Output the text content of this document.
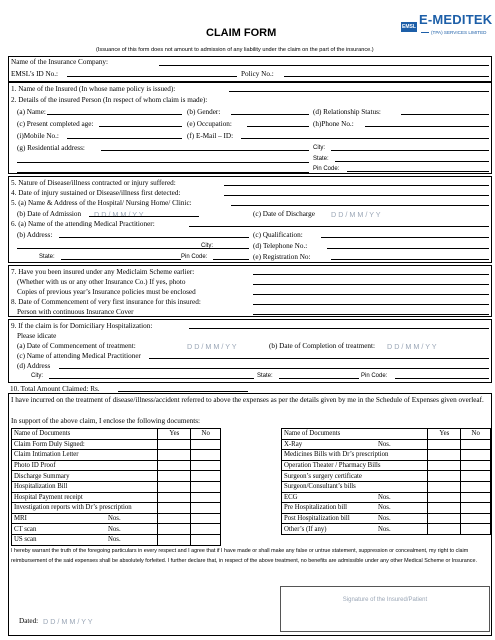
CLAIM FORM
(Issuance of this form does not amount to admission of any liability under the claim on the part of the insurance.)
EMSL E-MEDITEK
(TPA) SERVICES LIMITED
Name of the Insurance Company:
EMSL’s ID No.:	Policy No.:
1. Name of the Insured (In whose name policy is issued):
2. Details of the insured Person (In respect of whom claim is made):
(a) Name:	(b) Gender:	(d) Relationship Status:
(c) Present completed age:	(e) Occupation:	(h)Phone No.:
(i)Mobile No.:	(f) E-Mail – ID:
(g) Residential address:	City:
State:
Pin Code:
5. Nature of Disease/illness contracted or injury suffered:
4. Date of injury sustained or Disease/illness first detected:
5. (a) Name & Address of the Hospital/ Nursing Home/ Clinic:
(b) Date of Admission D D / M M / Y Y	(c) Date of Discharge D D / M M / Y Y
6. (a) Name of the attending Medical Practitioner:
(b) Address:	(c) Qualification:
City:	(d) Telephone No.:
State:	Pin Code:	(e) Registration No:
7. Have you been insured under any Mediclaim Scheme earlier:
(Whether with us or any other Insurance Co.) If yes, photo
Copies of previous year’s Insurance policies must be enclosed
8. Date of Commencement of very first insurance for this insured:
Person with continuous Insurance Cover
9. If the claim is for Domiciliary Hospitalization:
Please idicate
(a) Date of Commencement of treatment:	D D / M M / Y Y	(b) Date of Completion of treatment: D D / M M / Y Y
(c) Name of attending Medical Practitioner
(d) Address
City:	State:	Pin Code:
10. Total Amount Claimed: Rs.
I have incurred on the treatment of disease/illness/accident referred to above the expenses as per the details given by me in the Schedule of Expenses given overleaf.
In support of the above claim, I enclose the following documents:
Name of Documents	Yes	No
Claim Form Duly Signed:

Claim Intimation Letter

Photo ID Proof

Discharge Summary

Hospitalization Bill

Hospital Payment receipt

Investigation reports with Dr’s prescription

MRI Nos.		

CT scan Nos.		

US scan Nos.		

Name of Documents	Yes	No
X-Ray Nos.		

Medicines Bills with Dr’s prescription

Operation Theater / Pharmacy Bills

Surgeon’s surgery certificate

Surgeon/Consultant’s bills

ECG Nos.		

Pre Hospitalization bill Nos.		

Post Hospitalization bill Nos.		

Other’s (If any) Nos.		

I hereby warrant the truth of the foregoing particulars in every respect and I agree that if I have made or shall make any false or untrue statement, suppression or concealment, my right to claim reimbursement of the said expenses shall be absolutely forfeited. I further declare that, in respect of the above treatment, no benefits are admissible under any other Medical Scheme or Insurance.
Dated: D D / M M / Y Y
Signature of the Insured/Patient
